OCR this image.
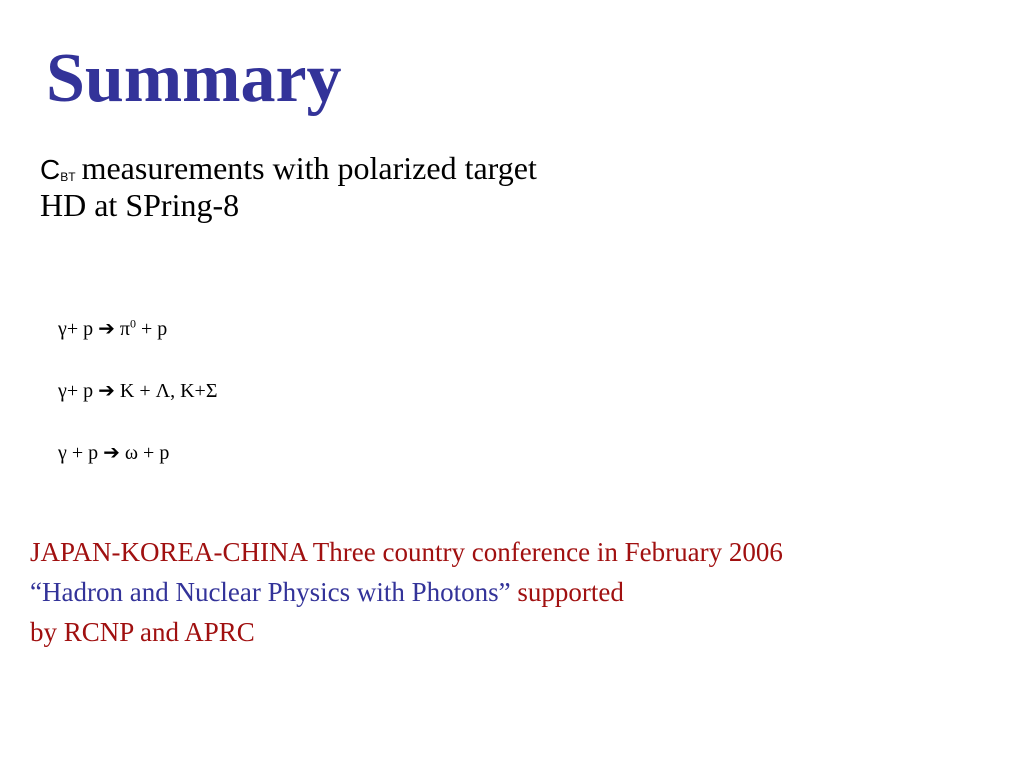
Summary
CBT measurements with polarized target
HD at SPring-8
γ+ p ➔ $\pi^0 + p$
γ+ p ➔ K + Λ, K+Σ
γ + p ➔ ω + p
JAPAN-KOREA-CHINA Three country conference in February 2006
“Hadron and Nuclear Physics with Photons” supported
by RCNP and APRC
